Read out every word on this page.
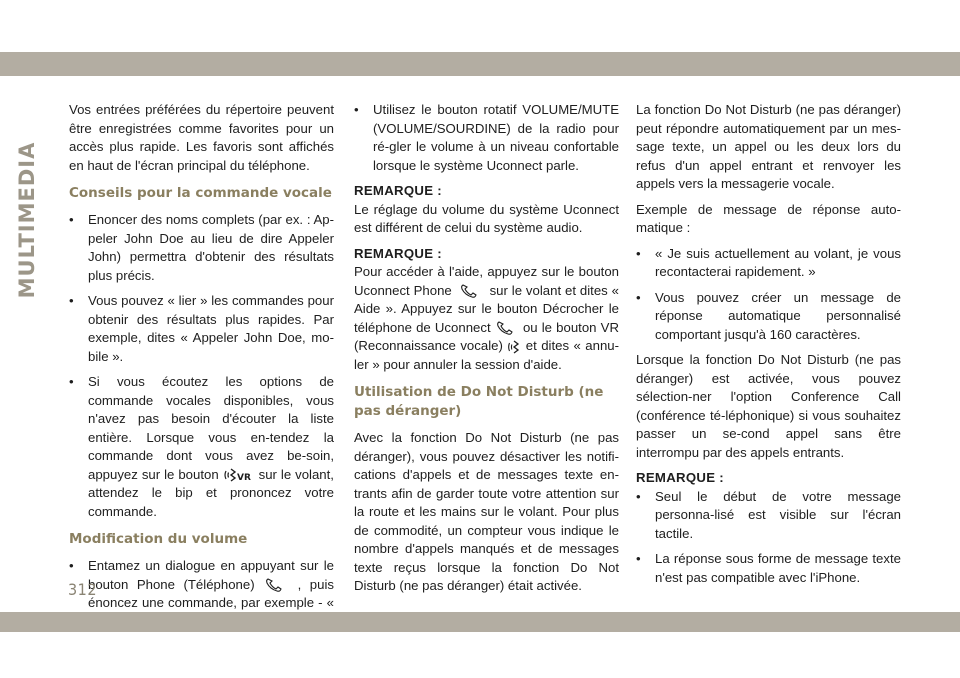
MULTIMEDIA

Vos entrées préférées du répertoire peuvent être enregistrées comme favorites pour un accès plus rapide. Les favoris sont affichés en haut de l'écran principal du téléphone.

Conseils pour la commande vocale
• Enoncer des noms complets (par ex. : Ap-peler John Doe au lieu de dire Appeler John) permettra d'obtenir des résultats plus précis.
• Vous pouvez « lier » les commandes pour obtenir des résultats plus rapides. Par exemple, dites « Appeler John Doe, mo-bile ».
• Si vous écoutez les options de commande vocales disponibles, vous n'avez pas besoin d'écouter la liste entière. Lorsque vous en-tendez la commande dont vous avez be-soin, appuyez sur le bouton VR sur le volant, attendez le bip et prononcez votre commande.
Modification du volume
• Entamez un dialogue en appuyant sur le bouton Phone (Téléphone)	, puis énoncez une commande, par exemple - «
• Utilisez le bouton rotatif VOLUME/MUTE (VOLUME/SOURDINE) de la radio pour ré-gler le volume à un niveau confortable lorsque le système Uconnect parle.

REMARQUE :

Le réglage du volume du système Uconnect est différent de celui du système audio.

REMARQUE :

Pour accéder à l'aide, appuyez sur le bouton Uconnect Phone	sur le volant et dites « Aide ». Appuyez sur le bouton Décrocher le téléphone de Uconnect ou le bouton VR (Reconnaissance vocale) et dites « annu-ler » pour annuler la session d'aide.

Utilisation de Do Not Disturb (ne pas déranger)

Avec la fonction Do Not Disturb (ne pas déranger), vous pouvez désactiver les notifi-cations d'appels et de messages texte en-trants afin de garder toute votre attention sur la route et les mains sur le volant. Pour plus de commodité, un compteur vous indique le nombre d'appels manqués et de messages texte reçus lorsque la fonction Do Not Disturb (ne pas déranger) était activée.

La fonction Do Not Disturb (ne pas déranger) peut répondre automatiquement par un mes-sage texte, un appel ou les deux lors du refus d'un appel entrant et renvoyer les appels vers la messagerie vocale.

Exemple de message de réponse auto-matique :

• « Je suis actuellement au volant, je vous recontacterai rapidement. »
• Vous pouvez créer un message de réponse automatique personnalisé comportant jusqu'à 160 caractères.

Lorsque la fonction Do Not Disturb (ne pas déranger) est activée, vous pouvez sélection-ner l'option Conference Call (conférence té-léphonique) si vous souhaitez passer un se-cond appel sans être interrompu par des appels entrants.

REMARQUE :

• Seul le début de votre message personna-lisé est visible sur l'écran tactile.
• La réponse sous forme de message texte n'est pas compatible avec l'iPhone.
312
